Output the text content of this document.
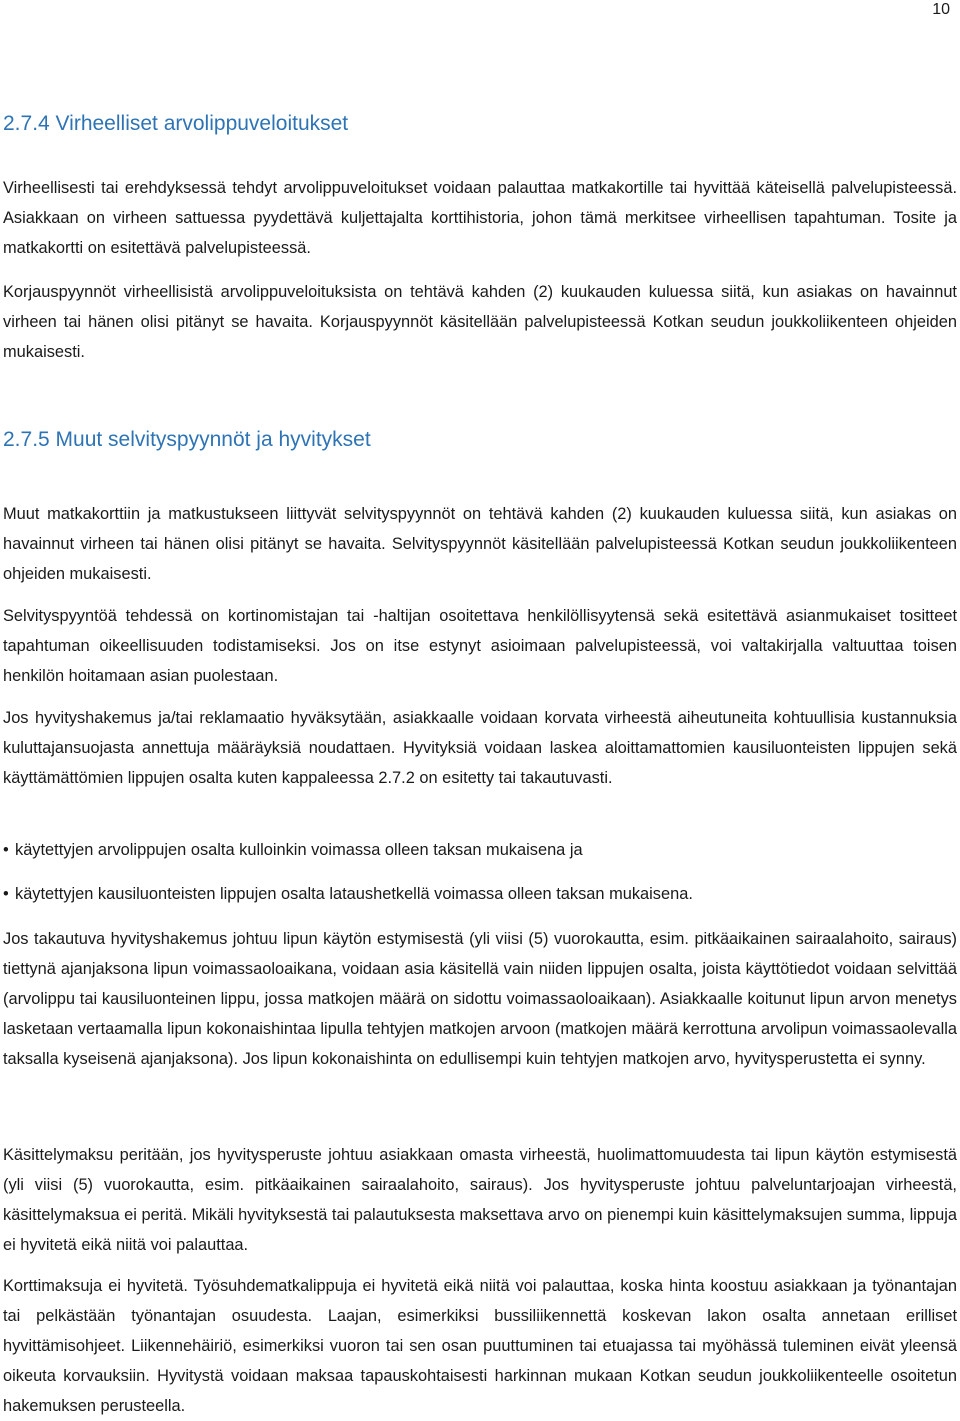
10
2.7.4 Virheelliset arvolippuveloitukset

Virheellisesti tai erehdyksessä tehdyt arvolippuveloitukset voidaan palauttaa matkakortille tai hyvittää käteisellä palvelupisteessä. Asiakkaan on virheen sattuessa pyydettävä kuljettajalta korttihistoria, johon tämä merkitsee virheellisen tapahtuman. Tosite ja matkakortti on esitettävä palvelupisteessä.

Korjauspyynnöt virheellisistä arvolippuveloituksista on tehtävä kahden (2) kuukauden kuluessa siitä, kun asiakas on havainnut virheen tai hänen olisi pitänyt se havaita. Korjauspyynnöt käsitellään palvelupisteessä Kotkan seudun joukkoliikenteen ohjeiden mukaisesti.

2.7.5 Muut selvityspyynnöt ja hyvitykset

Muut matkakorttiin ja matkustukseen liittyvät selvityspyynnöt on tehtävä kahden (2) kuukauden kuluessa siitä, kun asiakas on havainnut virheen tai hänen olisi pitänyt se havaita. Selvityspyynnöt käsitellään palvelupisteessä Kotkan seudun joukkoliikenteen ohjeiden mukaisesti.

Selvityspyyntöä tehdessä on kortinomistajan tai -haltijan osoitettava henkilöllisyytensä sekä esitettävä asianmukaiset tositteet tapahtuman oikeellisuuden todistamiseksi. Jos on itse estynyt asioimaan palvelupisteessä, voi valtakirjalla valtuuttaa toisen henkilön hoitamaan asian puolestaan.

Jos hyvityshakemus ja/tai reklamaatio hyväksytään, asiakkaalle voidaan korvata virheestä aiheutuneita kohtuullisia kustannuksia kuluttajansuojasta annettuja määräyksiä noudattaen. Hyvityksiä voidaan laskea aloittamattomien kausiluonteisten lippujen sekä käyttämättömien lippujen osalta kuten kappaleessa 2.7.2 on esitetty tai takautuvasti.

• käytettyjen arvolippujen osalta kulloinkin voimassa olleen taksan mukaisena ja

• käytettyjen kausiluonteisten lippujen osalta lataushetkellä voimassa olleen taksan mukaisena.

Jos takautuva hyvityshakemus johtuu lipun käytön estymisestä (yli viisi (5) vuorokautta, esim. pitkäaikainen sairaalahoito, sairaus) tiettynä ajanjaksona lipun voimassaoloaikana, voidaan asia käsitellä vain niiden lippujen osalta, joista käyttötiedot voidaan selvittää (arvolippu tai kausiluonteinen lippu, jossa matkojen määrä on sidottu voimassaoloaikaan). Asiakkaalle koitunut lipun arvon menetys lasketaan vertaamalla lipun kokonaishintaa lipulla tehtyjen matkojen arvoon (matkojen määrä kerrottuna arvolipun voimassaolevalla taksalla kyseisenä ajanjaksona). Jos lipun kokonaishinta on edullisempi kuin tehtyjen matkojen arvo, hyvitysperustetta ei synny.

Käsittelymaksu peritään, jos hyvitysperuste johtuu asiakkaan omasta virheestä, huolimattomuudesta tai lipun käytön estymisestä (yli viisi (5) vuorokautta, esim. pitkäaikainen sairaalahoito, sairaus). Jos hyvitysperuste johtuu palveluntarjoajan virheestä, käsittelymaksua ei peritä. Mikäli hyvityksestä tai palautuksesta maksettava arvo on pienempi kuin käsittelymaksujen summa, lippuja ei hyvitetä eikä niitä voi palauttaa.

Korttimaksuja ei hyvitetä. Työsuhdematkalippuja ei hyvitetä eikä niitä voi palauttaa, koska hinta koostuu asiakkaan ja työnantajan tai pelkästään työnantajan osuudesta. Laajan, esimerkiksi bussiliikennettä koskevan lakon osalta annetaan erilliset hyvittämisohjeet. Liikennehäiriö, esimerkiksi vuoron tai sen osan puuttuminen tai etuajassa tai myöhässä tuleminen eivät yleensä oikeuta korvauksiin. Hyvitystä voidaan maksaa tapauskohtaisesti harkinnan mukaan Kotkan seudun joukkoliikenteelle osoitetun hakemuksen perusteella.
